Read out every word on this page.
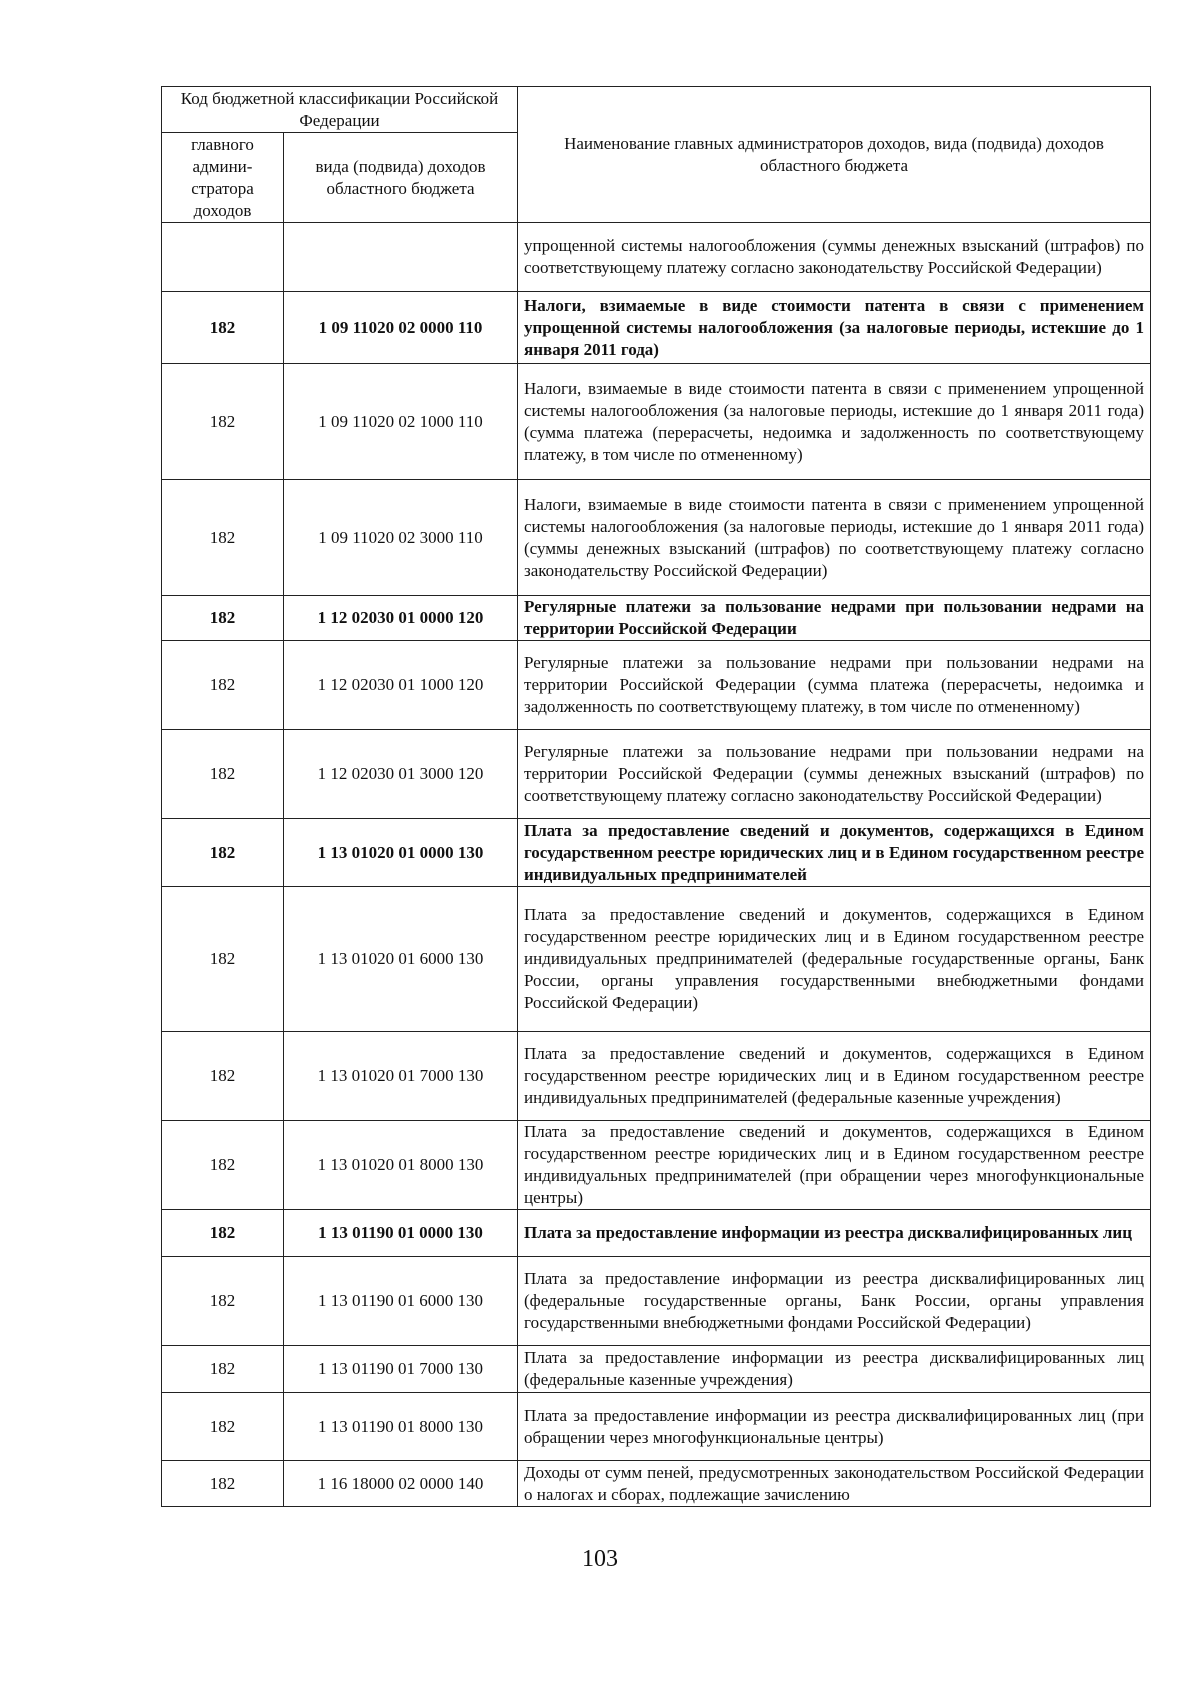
Код бюджетной классификации Российской Федерации		Наименование главных администраторов доходов, вида (подвида) доходов областного бюджета
главного админи-стратора доходов	вида (подвида) доходов областного бюджета	
		упрощенной системы налогообложения (суммы денежных взысканий (штрафов) по соответствующему платежу согласно законодательству Российской Федерации)
182	1 09 11020 02 0000 110	Налоги, взимаемые в виде стоимости патента в связи с применением упрощенной системы налогообложения (за налоговые периоды, истекшие до 1 января 2011 года)
182	1 09 11020 02 1000 110	Налоги, взимаемые в виде стоимости патента в связи с применением упрощенной системы налогообложения (за налоговые периоды, истекшие до 1 января 2011 года) (сумма платежа (перерасчеты, недоимка и задолженность по соответствующему платежу, в том числе по отмененному)
182	1 09 11020 02 3000 110	Налоги, взимаемые в виде стоимости патента в связи с применением упрощенной системы налогообложения (за налоговые периоды, истекшие до 1 января 2011 года) (суммы денежных взысканий (штрафов) по соответствующему платежу согласно законодательству Российской Федерации)
182	1 12 02030 01 0000 120	Регулярные платежи за пользование недрами при пользовании недрами на территории Российской Федерации
182	1 12 02030 01 1000 120	Регулярные платежи за пользование недрами при пользовании недрами на территории Российской Федерации (сумма платежа (перерасчеты, недоимка и задолженность по соответствующему платежу, в том числе по отмененному)
182	1 12 02030 01 3000 120	Регулярные платежи за пользование недрами при пользовании недрами на территории Российской Федерации (суммы денежных взысканий (штрафов) по соответствующему платежу согласно законодательству Российской Федерации)
182	1 13 01020 01 0000 130	Плата за предоставление сведений и документов, содержащихся в Едином государственном реестре юридических лиц и в Едином государственном реестре индивидуальных предпринимателей
182	1 13 01020 01 6000 130	Плата за предоставление сведений и документов, содержащихся в Едином государственном реестре юридических лиц и в Едином государственном реестре индивидуальных предпринимателей (федеральные государственные органы, Банк России, органы управления государственными внебюджетными фондами Российской Федерации)
182	1 13 01020 01 7000 130	Плата за предоставление сведений и документов, содержащихся в Едином государственном реестре юридических лиц и в Едином государственном реестре индивидуальных предпринимателей (федеральные казенные учреждения)
182	1 13 01020 01 8000 130	Плата за предоставление сведений и документов, содержащихся в Едином государственном реестре юридических лиц и в Едином государственном реестре индивидуальных предпринимателей (при обращении через многофункциональные центры)
182	1 13 01190 01 0000 130	Плата за предоставление информации из реестра дисквалифицированных лиц
182	1 13 01190 01 6000 130	Плата за предоставление информации из реестра дисквалифицированных лиц (федеральные государственные органы, Банк России, органы управления государственными внебюджетными фондами Российской Федерации)
182	1 13 01190 01 7000 130	Плата за предоставление информации из реестра дисквалифицированных лиц (федеральные казенные учреждения)
182	1 13 01190 01 8000 130	Плата за предоставление информации из реестра дисквалифицированных лиц (при обращении через многофункциональные центры)
182	1 16 18000 02 0000 140	Доходы от сумм пеней, предусмотренных законодательством Российской Федерации о налогах и сборах, подлежащие зачислению
103
